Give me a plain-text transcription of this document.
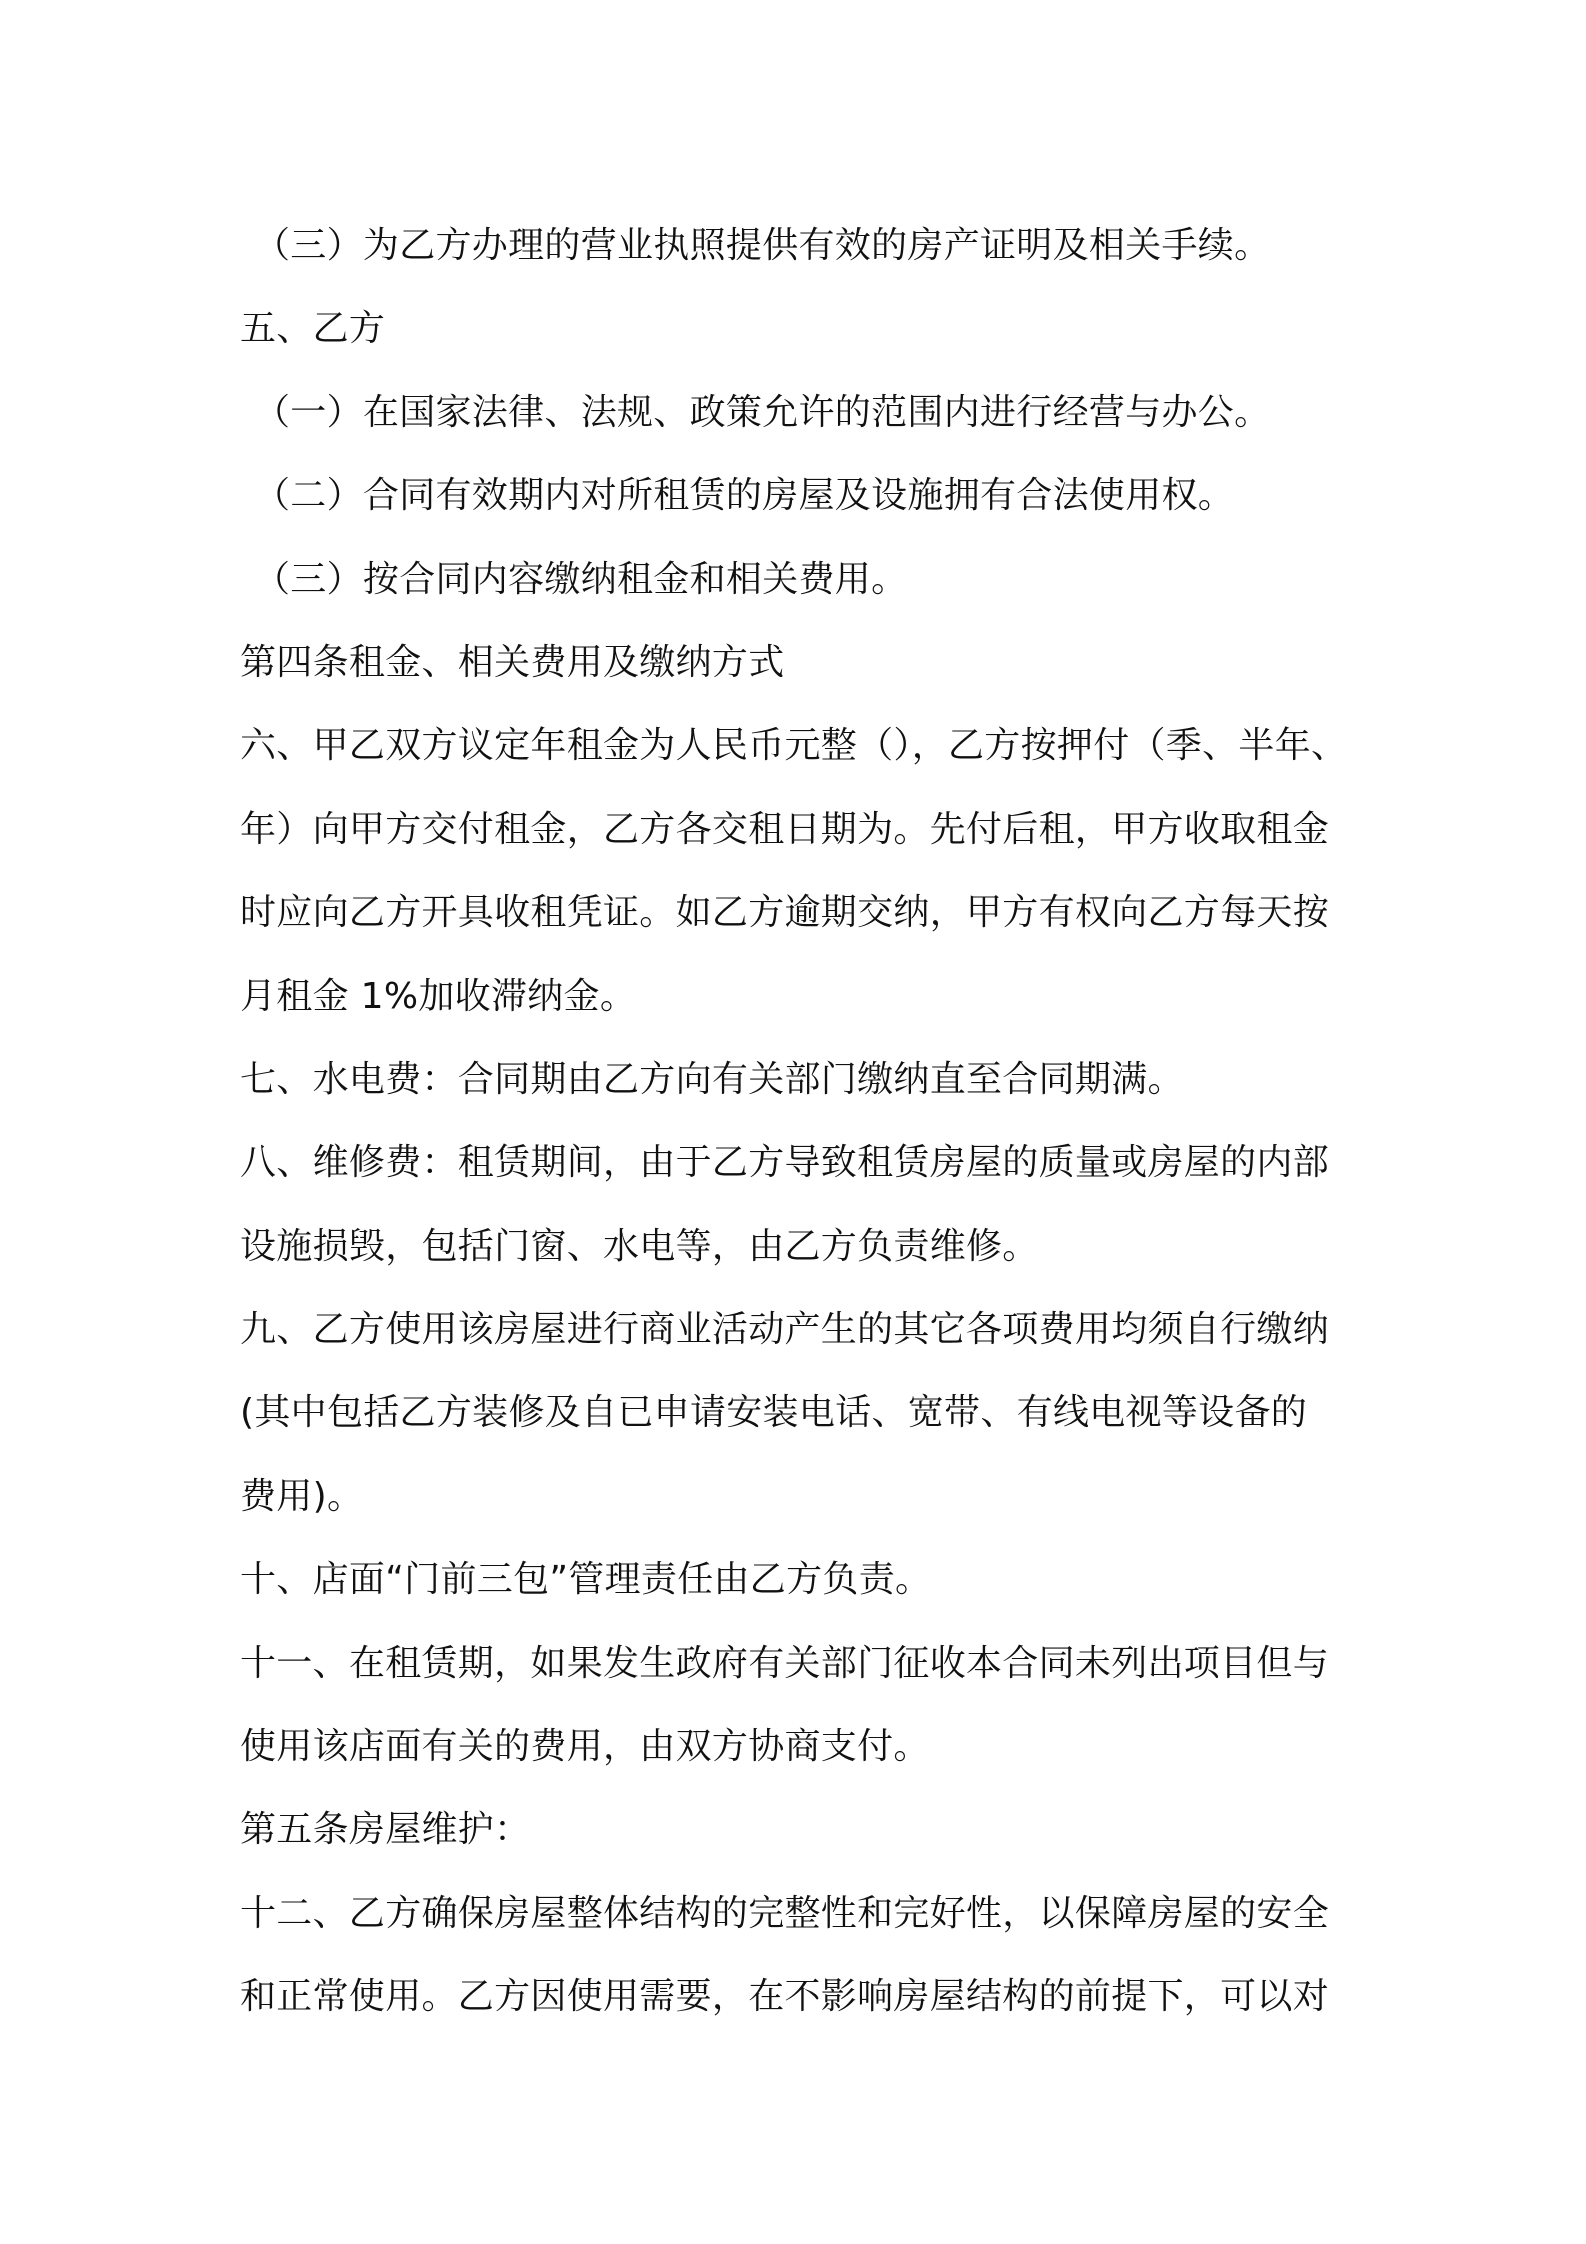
（三）为乙方办理的营业执照提供有效的房产证明及相关手续。
五、乙方
（一）在国家法律、法规、政策允许的范围内进行经营与办公。
（二）合同有效期内对所租赁的房屋及设施拥有合法使用权。
（三）按合同内容缴纳租金和相关费用。
第四条租金、相关费用及缴纳方式
六、甲乙双方议定年租金为人民币元整（），乙方按押付（季、半年、
年）向甲方交付租金，乙方各交租日期为。先付后租，甲方收取租金
时应向乙方开具收租凭证。如乙方逾期交纳，甲方有权向乙方每天按
月租金 1%加收滞纳金。
七、水电费：合同期由乙方向有关部门缴纳直至合同期满。
八、维修费：租赁期间，由于乙方导致租赁房屋的质量或房屋的内部
设施损毁，包括门窗、水电等，由乙方负责维修。
九、乙方使用该房屋进行商业活动产生的其它各项费用均须自行缴纳
(其中包括乙方装修及自已申请安装电话、宽带、有线电视等设备的
费用)。
十、店面“门前三包”管理责任由乙方负责。
十一、在租赁期，如果发生政府有关部门征收本合同未列出项目但与
使用该店面有关的费用，由双方协商支付。
第五条房屋维护：
十二、乙方确保房屋整体结构的完整性和完好性，以保障房屋的安全
和正常使用。乙方因使用需要，在不影响房屋结构的前提下，可以对
